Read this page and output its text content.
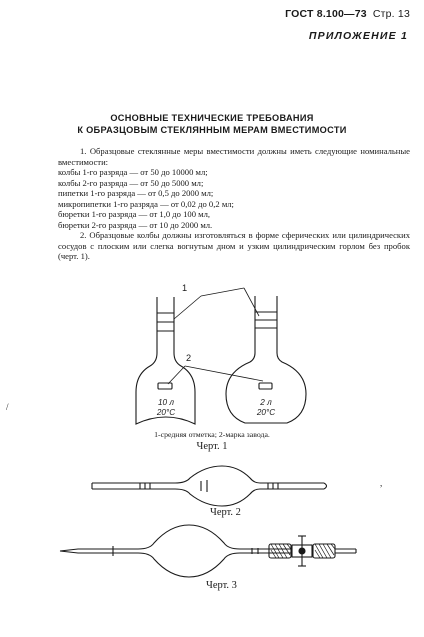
ГОСТ 8.100—73 Стр. 13
ПРИЛОЖЕНИЕ 1
ОСНОВНЫЕ ТЕХНИЧЕСКИЕ ТРЕБОВАНИЯ
К ОБРАЗЦОВЫМ СТЕКЛЯННЫМ МЕРАМ ВМЕСТИМОСТИ
1. Образцовые стеклянные меры вместимости должны иметь следующие номинальные вместимости:
колбы 1-го разряда — от 50 до 10000 мл;
колбы 2-го разряда — от 50 до 5000 мл;
пипетки 1-го разряда — от 0,5 до 2000 мл;
микропипетки 1-го разряда — от 0,02 до 0,2 мл;
бюретки 1-го разряда — от 1,0 до 100 мл,
бюретки 2-го разряда — от 10 до 2000 мл.
2. Образцовые колбы должны изготовляться в форме сферических или цилиндрических сосудов с плоским или слегка вогнутым дном и узким цилиндрическим горлом без пробок (черт. 1).
1
2
10 л
20°C
2 л
20°C
1-средняя отметка; 2-марка завода.
Черт. 1
Черт. 2
Черт. 3
/
,
